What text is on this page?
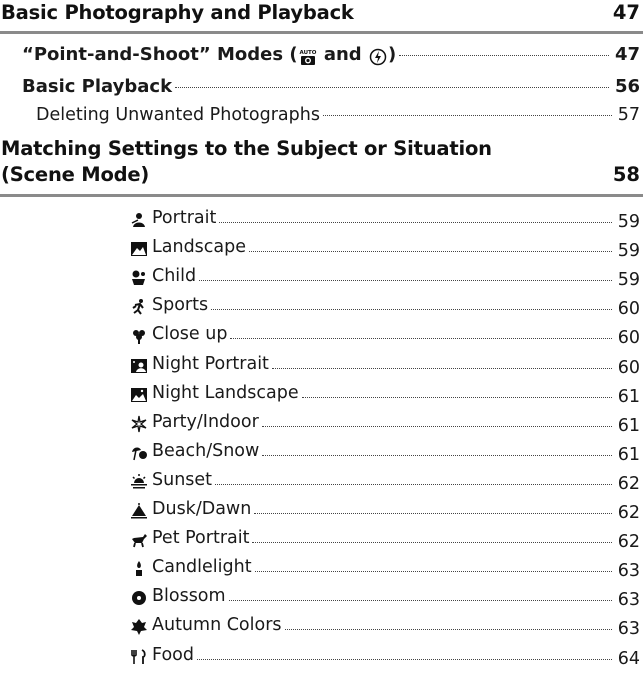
Basic Photography and Playback	47
“Point-and-Shoot” Modes ( AUTO and )	47
Basic Playback	56
Deleting Unwanted Photographs	57
Matching Settings to the Subject or Situation
(Scene Mode)	58
Portrait	59
Landscape	59
Child	59
Sports	60
Close up	60
Night Portrait	60
Night Landscape	61
Party/Indoor	61
Beach/Snow	61
Sunset	62
Dusk/Dawn	62
Pet Portrait	62
Candlelight	63
Blossom	63
Autumn Colors	63
Food	64
